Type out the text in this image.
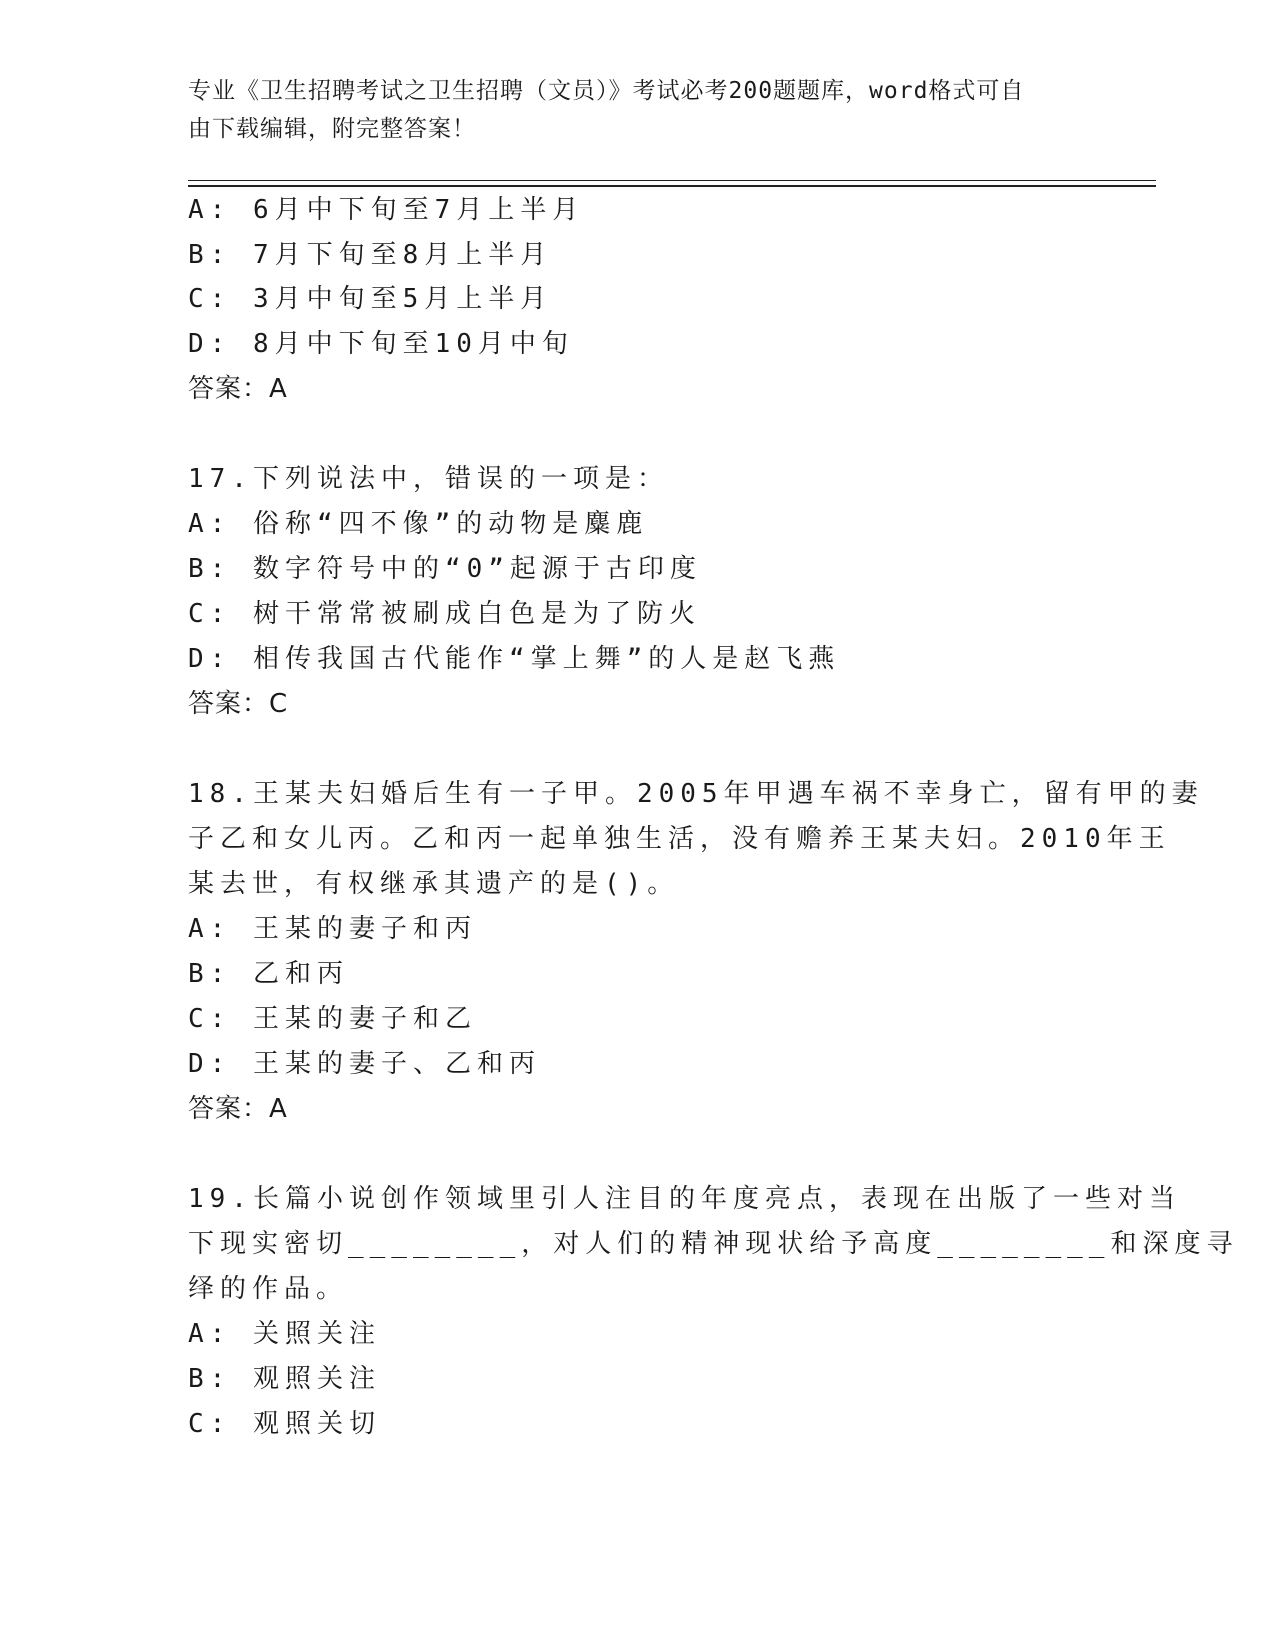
专业《卫生招聘考试之卫生招聘（文员）》考试必考200题题库，word格式可自
由下载编辑，附完整答案！
A: 6月中下旬至7月上半月
B: 7月下旬至8月上半月
C: 3月中旬至5月上半月
D: 8月中下旬至10月中旬
答案：A
17.下列说法中，错误的一项是：
A: 俗称“四不像”的动物是麋鹿
B: 数字符号中的“0”起源于古印度
C: 树干常常被刷成白色是为了防火
D: 相传我国古代能作“掌上舞”的人是赵飞燕
答案：C
18.王某夫妇婚后生有一子甲。2005年甲遇车祸不幸身亡，留有甲的妻
子乙和女儿丙。乙和丙一起单独生活，没有赡养王某夫妇。2010年王
某去世，有权继承其遗产的是()。
A: 王某的妻子和丙
B: 乙和丙
C: 王某的妻子和乙
D: 王某的妻子、乙和丙
答案：A
19.长篇小说创作领域里引人注目的年度亮点，表现在出版了一些对当
下现实密切________，对人们的精神现状给予高度________和深度寻
绎的作品。
A: 关照关注
B: 观照关注
C: 观照关切
